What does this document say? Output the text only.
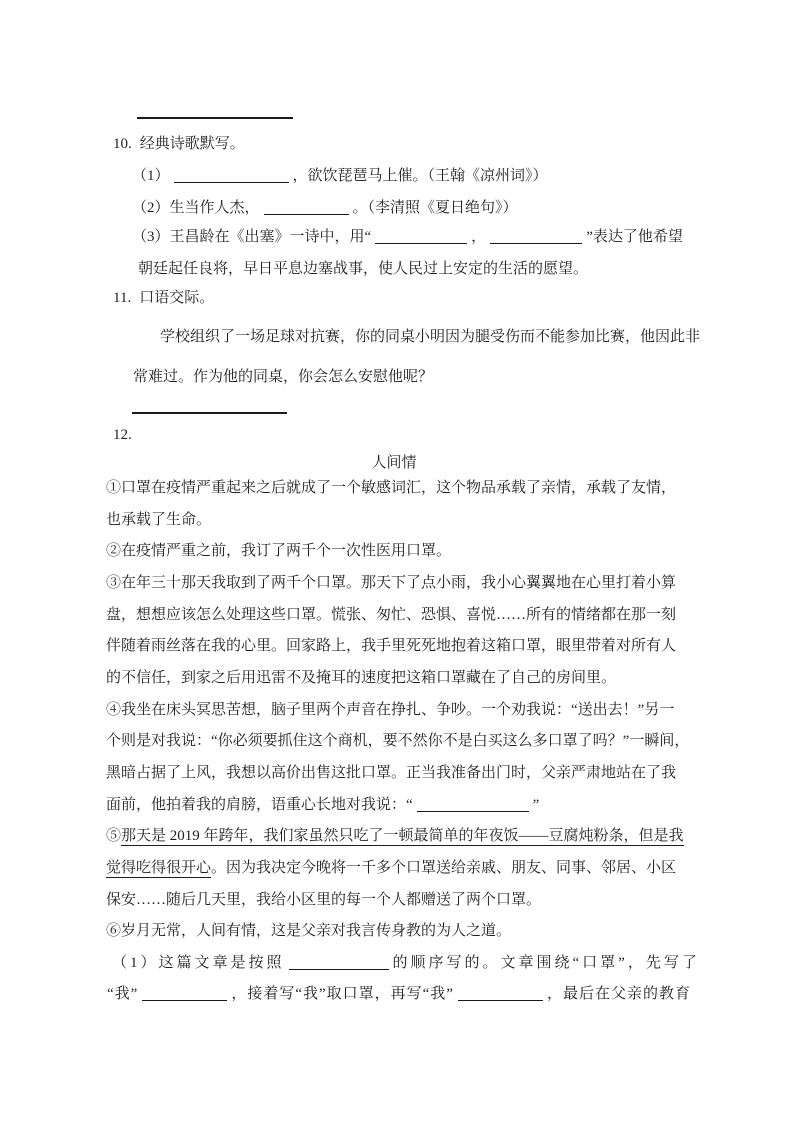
10. 经典诗歌默写。
（1）	，欲饮琵琶马上催。（王翰《凉州词》）
（2）生当作人杰，	。（李清照《夏日绝句》）
（3）王昌龄在《出塞》一诗中，用“	，	”表达了他希望
朝廷起任良将，早日平息边塞战事，使人民过上安定的生活的愿望。
11. 口语交际。
学校组织了一场足球对抗赛，你的同桌小明因为腿受伤而不能参加比赛，他因此非
常难过。作为他的同桌，你会怎么安慰他呢？
12.
人间情
①口罩在疫情严重起来之后就成了一个敏感词汇，这个物品承载了亲情，承载了友情，
也承载了生命。
②在疫情严重之前，我订了两千个一次性医用口罩。
③在年三十那天我取到了两千个口罩。那天下了点小雨，我小心翼翼地在心里打着小算
盘，想想应该怎么处理这些口罩。慌张、匆忙、恐惧、喜悦……所有的情绪都在那一刻
伴随着雨丝落在我的心里。回家路上，我手里死死地抱着这箱口罩，眼里带着对所有人
的不信任，到家之后用迅雷不及掩耳的速度把这箱口罩藏在了自己的房间里。
④我坐在床头冥思苦想，脑子里两个声音在挣扎、争吵。一个劝我说：“送出去！”另一
个则是对我说：“你必须要抓住这个商机，要不然你不是白买这么多口罩了吗？”一瞬间，
黑暗占据了上风，我想以高价出售这批口罩。正当我准备出门时，父亲严肃地站在了我
面前，他拍着我的肩膀，语重心长地对我说：“	”
⑤那天是 2019 年跨年，我们家虽然只吃了一顿最简单的年夜饭——豆腐炖粉条，但是我
觉得吃得很开心。因为我决定今晚将一千多个口罩送给亲戚、朋友、同事、邻居、小区
保安……随后几天里，我给小区里的每一个人都赠送了两个口罩。
⑥岁月无常，人间有情，这是父亲对我言传身教的为人之道。
（1）这篇文章是按照	的顺序写的。文章围绕“口罩”，先写了
“我”	，接着写“我”取口罩，再写“我”	，最后在父亲的教育
